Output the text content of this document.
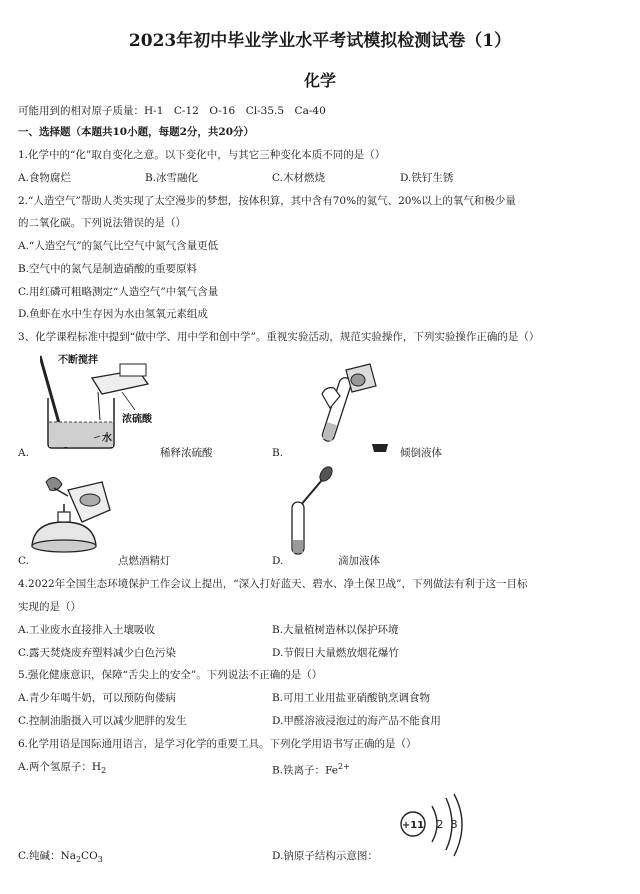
2023年初中毕业学业水平考试模拟检测试卷（1）
化学
可能用到的相对原子质量：H-1　C-12　O-16　Cl-35.5　Ca-40
一、选择题（本题共10小题，每题2分，共20分）
1.化学中的“化”取自变化之意。以下变化中，与其它三种变化本质不同的是（）
A.食物腐烂	B.冰雪融化	C.木材燃烧	D.铁钉生锈
2.“人造空气”帮助人类实现了太空漫步的梦想，按体积算，其中含有70%的氮气、20%以上的氧气和极少量
的二氧化碳。下列说法错误的是（）
A.“人造空气”的氮气比空气中氮气含量更低
B.空气中的氮气是制造硝酸的重要原料
C.用红磷可粗略测定“人造空气”中氧气含量
D.鱼虾在水中生存因为水由氢氧元素组成
3、化学课程标准中提到“做中学、用中学和创中学”。重视实验活动，规范实验操作，下列实验操作正确的是（）
不断搅拌
浓硫酸
水
A.	稀释浓硫酸	B.	倾倒液体
C.	点燃酒精灯	D.	滴加液体
4.2022年全国生态环境保护工作会议上提出，“深入打好蓝天、碧水、净土保卫战”，下列做法有利于这一目标
实现的是（）
A.工业废水直接排入土壤吸收	B.大量植树造林以保护环境
C.露天焚烧废弃塑料减少白色污染	D.节假日大量燃放烟花爆竹
5.强化健康意识，保障“舌尖上的安全”。下列说法不正确的是（）
A.青少年喝牛奶，可以预防佝偻病	B.可用工业用盐亚硝酸钠烹调食物
C.控制油脂摄入可以减少肥胖的发生	D.甲醛溶液浸泡过的海产品不能食用
6.化学用语是国际通用语言，是学习化学的重要工具。下列化学用语书写正确的是（）
A.两个氢原子：$H_2$	B.铁离子：$Fe^{2+}$
+11 2 8
C.纯碱：$Na_2CO_3$	D.钠原子结构示意图：
